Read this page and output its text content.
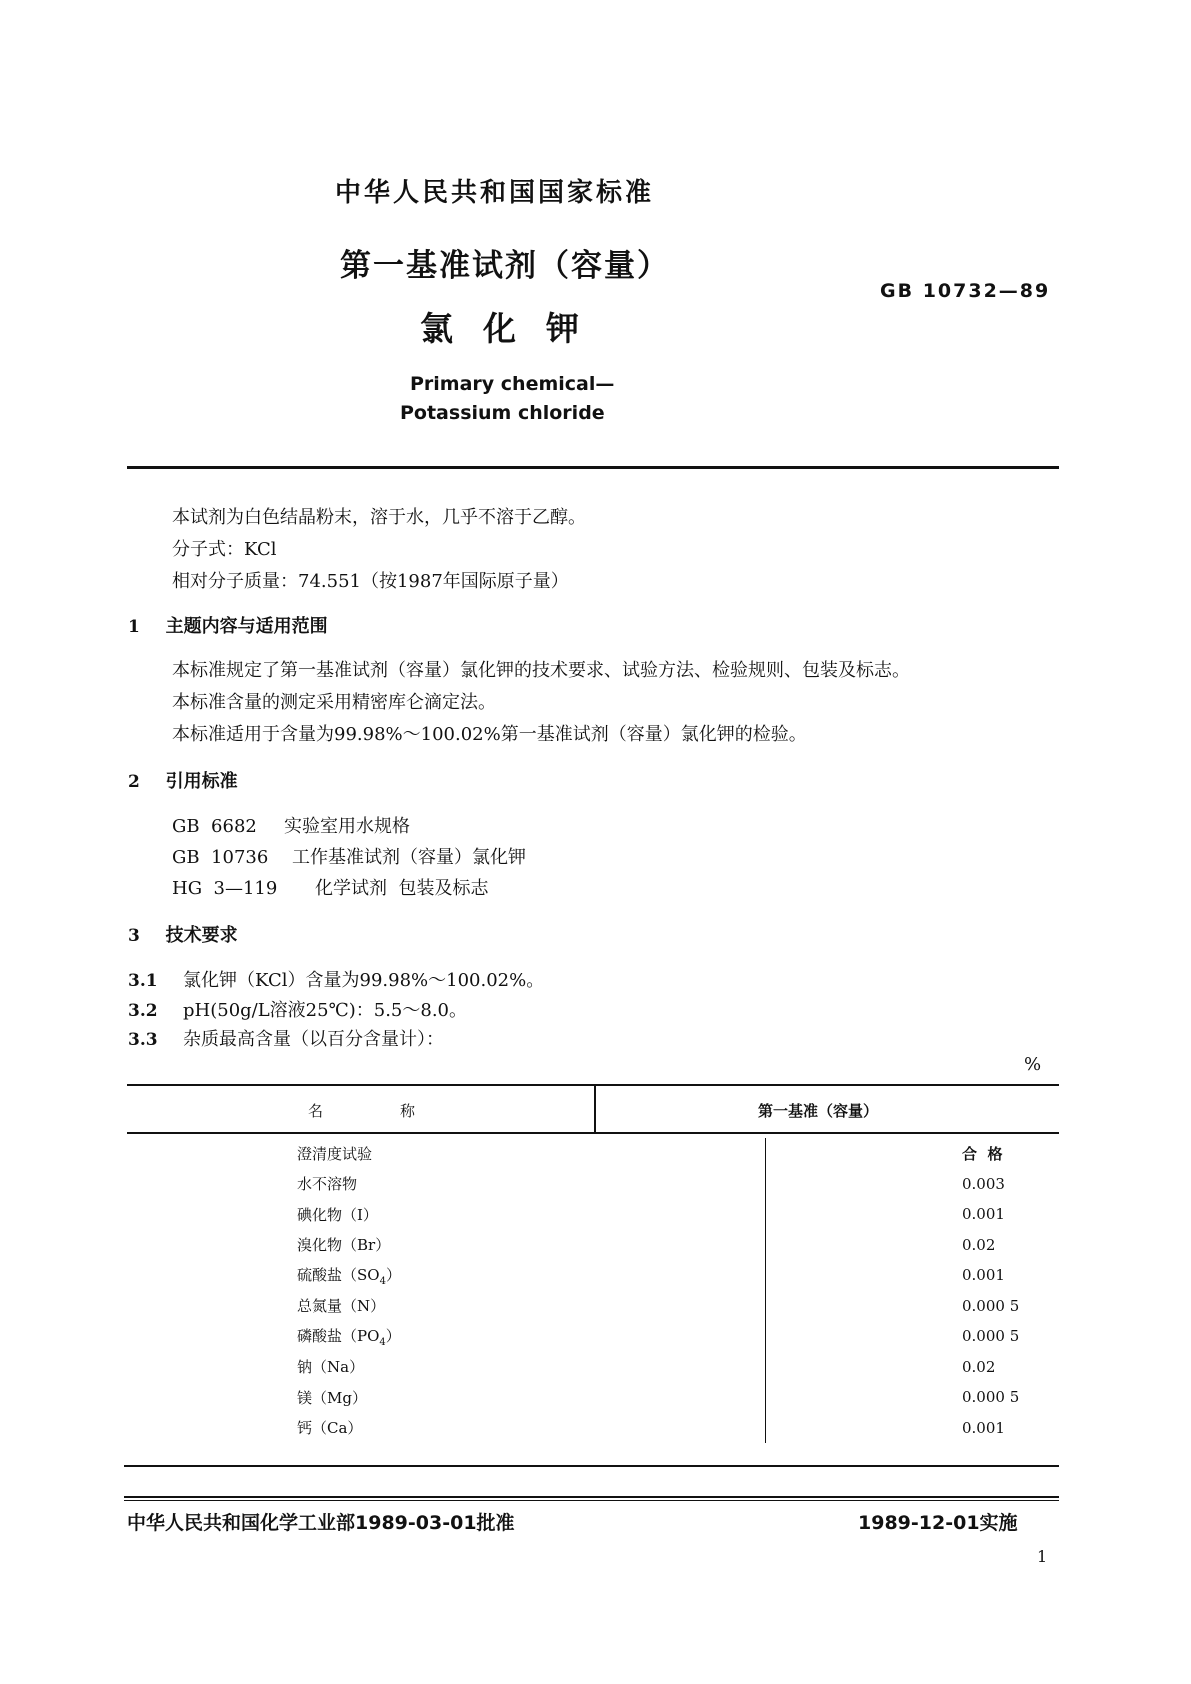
中华人民共和国国家标准
第一基准试剂（容量）
氯化钾
GB 10732—89
Primary chemical—
Potassium chloride
本试剂为白色结晶粉末，溶于水，几乎不溶于乙醇。
分子式：KCl
相对分子质量：74.551（按1987年国际原子量）
1 主题内容与适用范围
本标准规定了第一基准试剂（容量）氯化钾的技术要求、试验方法、检验规则、包装及标志。
本标准含量的测定采用精密库仑滴定法。
本标准适用于含量为99.98%～100.02%第一基准试剂（容量）氯化钾的检验。
2 引用标准
GB  6682 实验室用水规格
GB  10736 工作基准试剂（容量）氯化钾
HG  3—119 化学试剂  包装及标志
3 技术要求
3.1 氯化钾（KCl）含量为99.98%～100.02%。
3.2 pH(50g/L溶液25℃)：5.5～8.0。
3.3 杂质最高含量（以百分含量计）：
%
名	称	第一基准（容量）
澄清度试验	合  格
水不溶物	0.003
碘化物（I）	0.001
溴化物（Br）	0.02
硫酸盐$(SO_4)$	0.001
总氮量（N）	0.000 5
磷酸盐$(PO_4)$	0.000 5
钠（Na）	0.02
镁（Mg）	0.000 5
钙（Ca）	0.001
中华人民共和国化学工业部1989-03-01批准	1989-12-01实施
1
